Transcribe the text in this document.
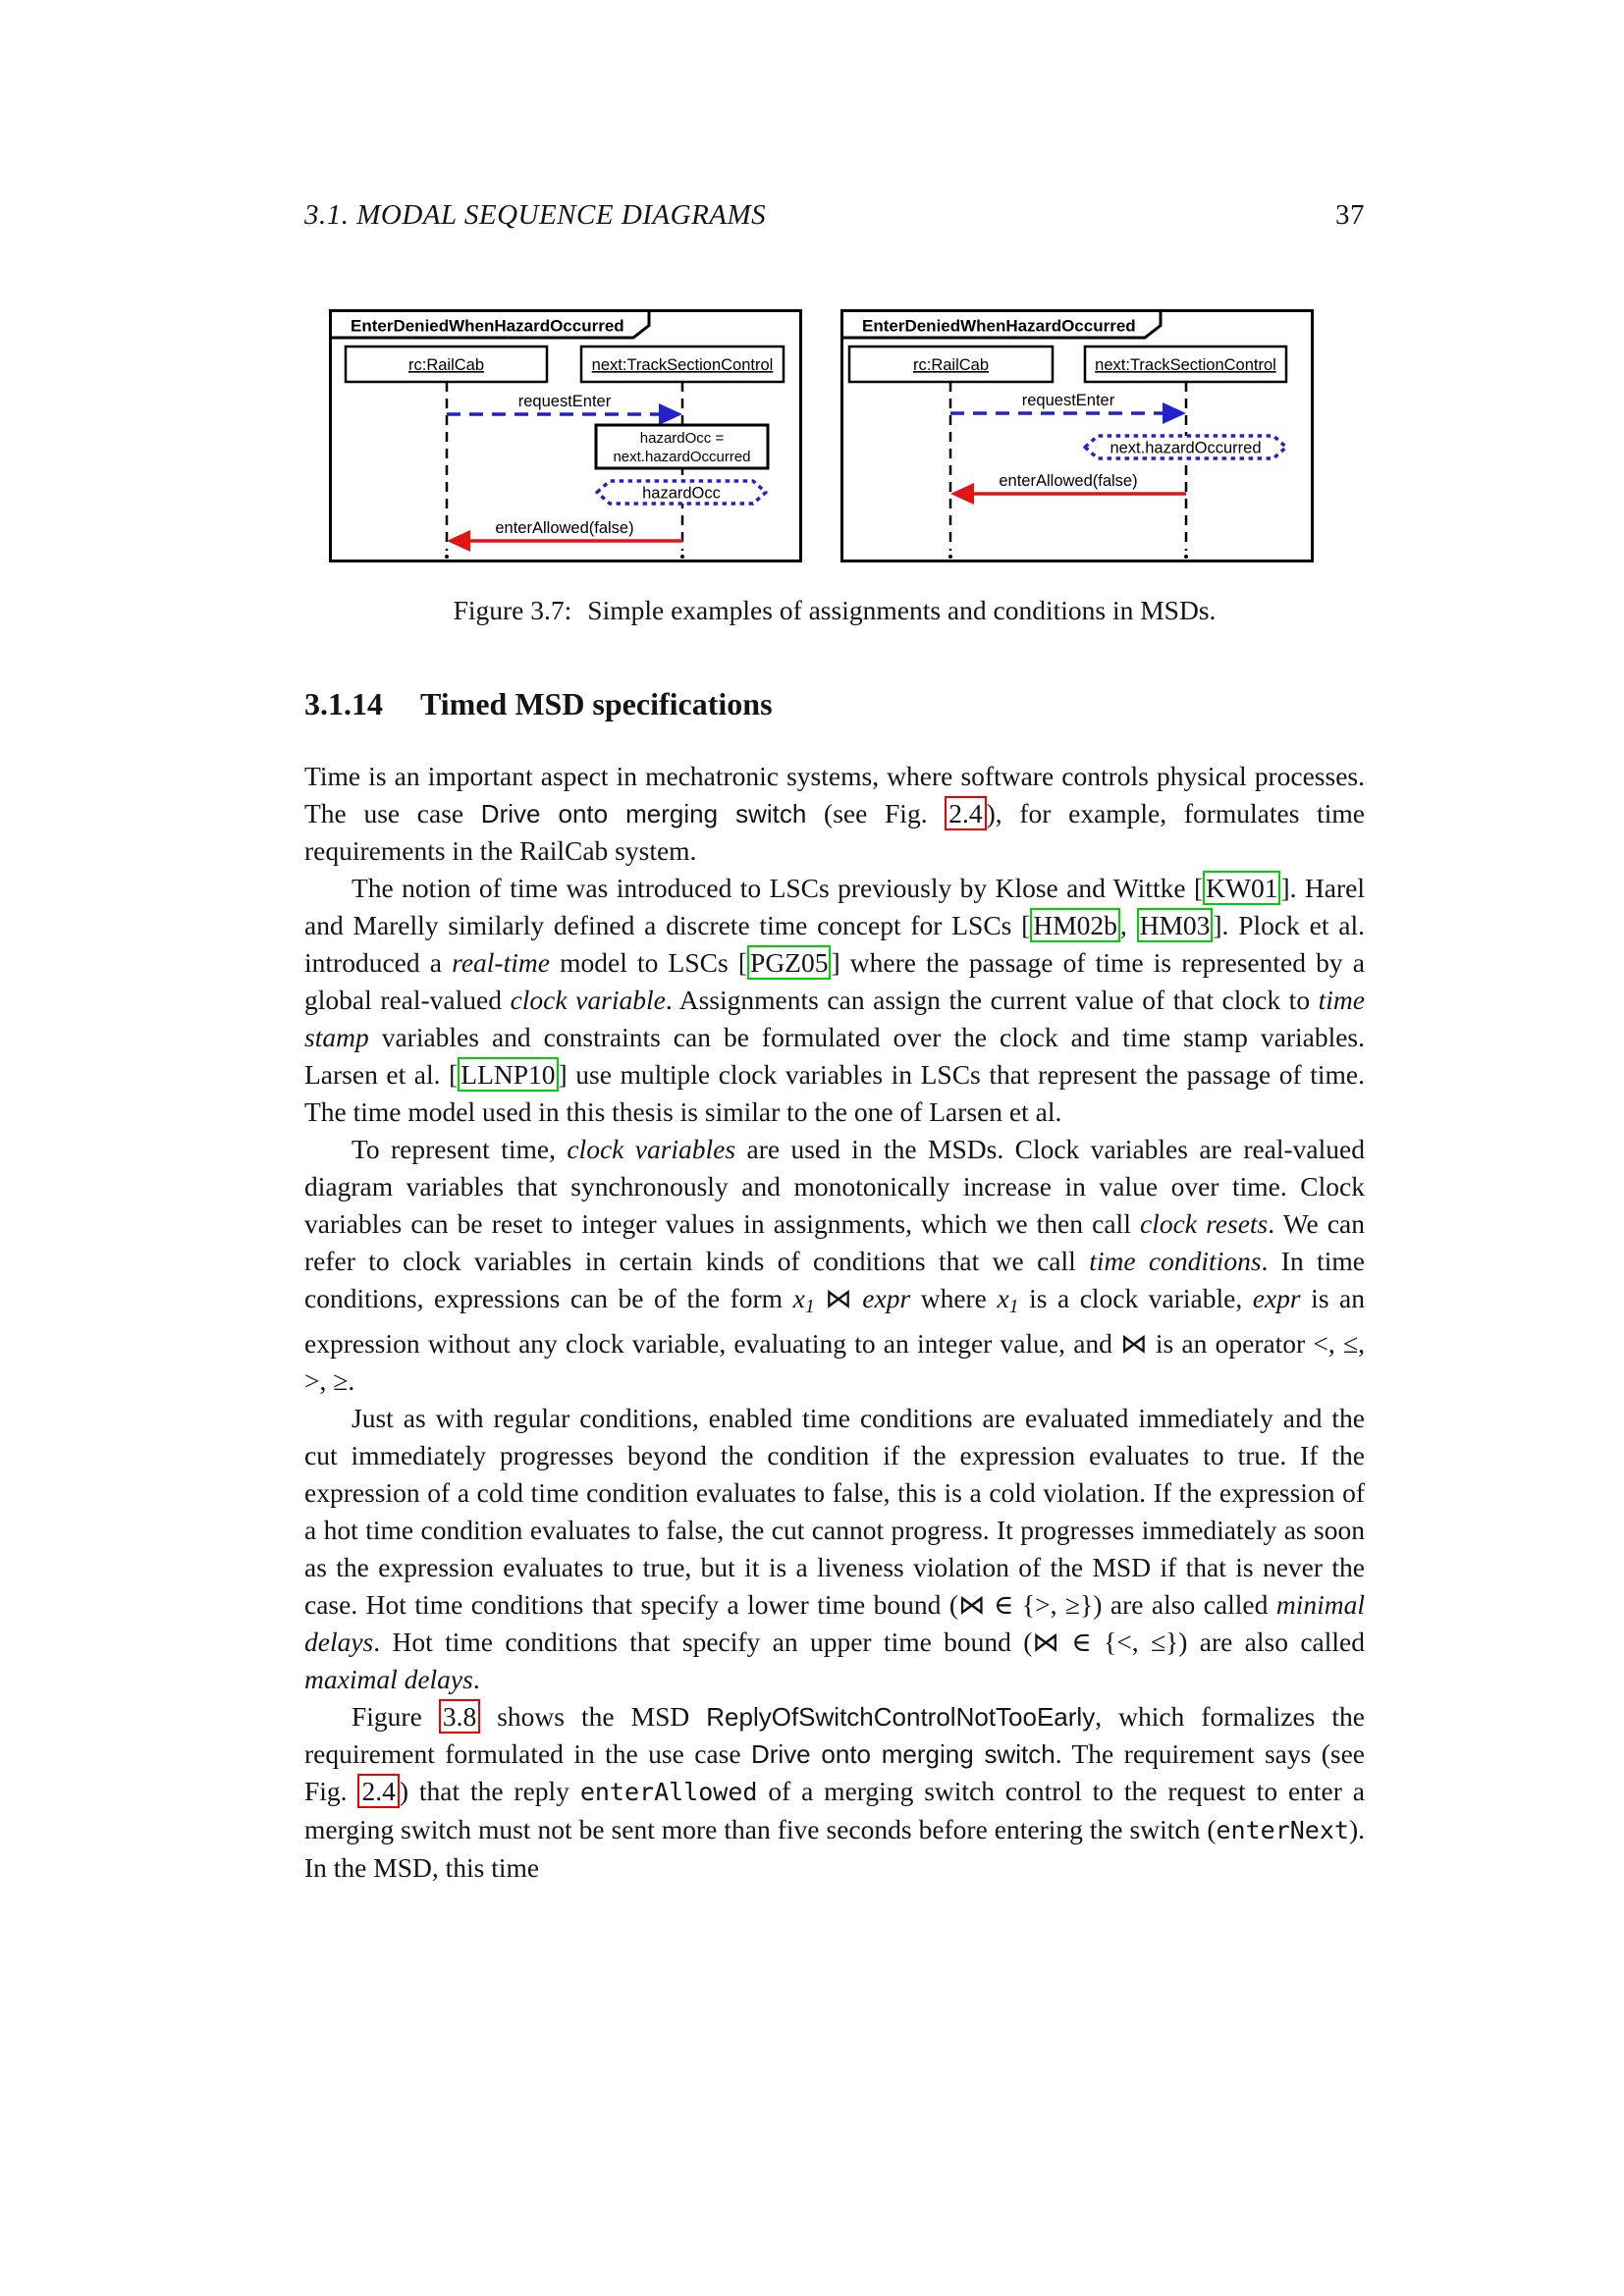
3.1. MODAL SEQUENCE DIAGRAMS	37
EnterDeniedWhenHazardOccurred
rc:RailCab	next:TrackSectionControl
requestEnter
hazardOcc =
next.hazardOccurred
hazardOcc
enterAllowed(false)
EnterDeniedWhenHazardOccurred
rc:RailCab	next:TrackSectionControl
requestEnter
next.hazardOccurred
enterAllowed(false)
Figure 3.7: Simple examples of assignments and conditions in MSDs.
3.1.14 Timed MSD specifications

Time is an important aspect in mechatronic systems, where software controls physical processes. The use case Drive onto merging switch (see Fig. 2.4 ), for example, formulates time requirements in the RailCab system.

The notion of time was introduced to LSCs previously by Klose and Wittke [ KW01 ]. Harel and Marelly similarly defined a discrete time concept for LSCs [ HM02b , HM03 ]. Plock et al. introduced a real-time model to LSCs [ PGZ05 ] where the passage of time is represented by a global real-valued clock variable. Assignments can assign the current value of that clock to time stamp variables and constraints can be formulated over the clock and time stamp variables. Larsen et al. [ LLNP10 ] use multiple clock variables in LSCs that represent the passage of time. The time model used in this thesis is similar to the one of Larsen et al.

To represent time, clock variables are used in the MSDs. Clock variables are real-valued diagram variables that synchronously and monotonically increase in value over time. Clock variables can be reset to integer values in assignments, which we then call clock resets. We can refer to clock variables in certain kinds of conditions that we call time conditions. In time conditions, expressions can be of the form x1 ⋈ expr where x1 is a clock variable, expr is an expression without any clock variable, evaluating to an integer value, and ⋈ is an operator <, ≤, >, ≥.

Just as with regular conditions, enabled time conditions are evaluated immediately and the cut immediately progresses beyond the condition if the expression evaluates to true. If the expression of a cold time condition evaluates to false, this is a cold violation. If the expression of a hot time condition evaluates to false, the cut cannot progress. It progresses immediately as soon as the expression evaluates to true, but it is a liveness violation of the MSD if that is never the case. Hot time conditions that specify a lower time bound (⋈ ∈ {>, ≥}) are also called minimal delays. Hot time conditions that specify an upper time bound (⋈ ∈ {<, ≤}) are also called maximal delays.

Figure 3.8 shows the MSD ReplyOfSwitchControlNotTooEarly, which formalizes the requirement formulated in the use case Drive onto merging switch. The requirement says (see Fig. 2.4 ) that the reply enterAllowed of a merging switch control to the request to enter a merging switch must not be sent more than five seconds before entering the switch (enterNext). In the MSD, this time
